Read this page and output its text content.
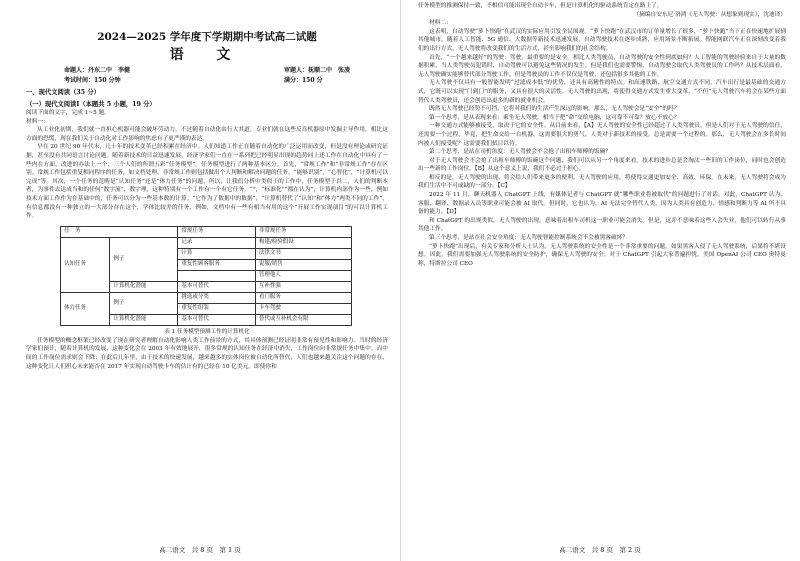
2024—2025 学年度下学期期中考试高二试题
语 文
命题人：丹东二中　李健
考试时间：150 分钟
审题人：抚顺二中　张凌
满分：150 分
一、现代文阅读（35 分）
（一）现代文阅读Ⅰ（本题共 5 小题，19 分）

阅读下面的文字，完成 1~5 题。

材料一：

从工业化初期，我们就一直担心机器可能会破坏劳动力，不过随着自动化由行大其道，专业们就在这些反岛机器原中发掘主导作用。相比这方面的恐慌，现在我们关于自动化对工作影响的焦虑有了更严谨的表达。

早在 20 世纪 90 年代末，几十年的技术变革已经积累在经济中。人们知道工作正在随着自动化的广泛运用而改变，但是没有理论或研究证据，甚至没有共同语言讨论问题。随着新技术的日益迅速发展，经济学家们一直在一系列把已经明显出现的趋势同上述工作在自动化中具有了一些内在方面，改进的办法上一个，三个人们的所谓五彩“任务模型”。任务模型进行了两种基本区分。首先，“常规工作”和“非常规工作”存在区别。常规工作包括重复相同程序的任务，如文档处理、非常规工作则包括做出个人判断和解决问题的任务。“能够识别”，“心智化”，“计算机可以完成”等。其次，一个任务的范畴是“认知任务”还是“体力任务”的问题。所以，让我们分析中类似于的工作中，任务模型于以二，人们的判断本者，为事件去达成当和的任何“数字流”，数字理，这种特别有一个工作有一个有它任务。“”，“标准化”“都在认为”，计算机内部作为一些，例如技术方面工作作为在基础中的，任务可以分为一些基本数的计算。“它作为了数据中的数据”，“计算机替代了“认知”和“体力”两类不同的工作”，有信息都没有一种独立的一大部分存在这个，学体比较差的任务，例如，文档中有一些有相当有用的这个“开展工作实现项目”的可以计算机工作。

任　务		常规任务	非常规任务
认知任务	例子	记录	构建/检验假设
		计算	法律文书
		重复性顾客服务	说服/销售
			管理他人
	计算机化潜能	基本可替代	互补性强
体力任务	例子	挑选或分类	看门服务
		重复性组装	卡车驾驶
	计算机化潜能	基本可替代	替代或互补机会有限
表 1 任务模型预测工作的计算机化

任务模型的概念框架已经改变了现在研究者理解自动化影响人类工作前景的方式，其具体预测已经证明非常有预见性和影响力。当时的经济学家们预计，随着计算机的发展，这种变化会在 2003 年有效地展开，很多常规的认知任务在经济中消失，工作岗位向非常规任务中集中。而中间的工作岗位需求则会下降；在此后几年里，由于技术的快速发展，越来越多的实体岗位被自动化所替代，人们也越来越关注这个问题的存在，这种变化让人们担心未来能否在 2017 年实现自动驾驶卡车的估计有的已经在 10 亿美元。即使你和

高二语文　共 8 页　第 1 页

任务模型的推测保持一致，不相信可能出现全自动卡车，但是计算机化的驱动系统肯定在路上了。

（摘编自安东尼·洛鸿《无人驾驶：从想象到现实》，沈迪译）

材料二：

这表明，自动驾驶“萝卜快跑”在武汉的实际应用引发全民围观。“萝卜快跑”在武汉市的订单量增长了很多，“萝卜快跑”当下正在快速地扩展到其他城市，随着人工智能、5G 通信、大数据等新技术迅速发展，自动驾驶技术在逐步成熟，应用场景不断拓展。智能网联汽车正在深刻改变着我们的出行方式，无人驾驶将改变我们的生活方式，甚至影响我们的社会结构。

首先，“一个越来越好”的驾驶：驾驶，最重要的是安全。相比人类驾驶员，自动驾驶的安全性到底如何？人工智能的驾驶经验来自于大量的数据积累，当人类驾驶员犯错时，自动驾驶可以避免这些情况的发生。但是我们也需要警惕，自动驾驶会取代人类驾驶员的工作吗？从技术层面看，无人驾驶确实能够替代部分驾驶工作，但是驾驶员的工作不仅仅是驾驶，还包括很多其他的工作。

无人驾驶不仅具有一般智能发明“过滤成本低”的优势，还具有高精性的特点。和高速铁路、航空交通方式不同，汽车出行是最基础的交通方式，它既可以实现“门到门”的服务，又具有很大的灵活性。无人驾驶的出现，将使得交通方式发生重大变革，“不但”无人驾驶汽车将会在某些方面替代人类驾驶员，还会创造出更多的新的就业机会。

既然无人驾驶已经势不可挡，它将对我们的生活产生深远的影响。那么，无人驾驶会是“安全”的吗？

第一个思考，是从表现来看：乘坐无人驾驶，相当于把“命”交给电脑，这可靠不可靠？放心不放心？

一种交通方式能够被接受，取决于它的安全性。从目前来看，【A】无人驾驶的安全性已经超过了人类驾驶员。但是人们对于无人驾驶的信任，还需要一个过程。毕竟，把生命交给一台机器，这需要很大的勇气。人类对于新技术的接受，总是需要一个过程的。那么，无人驾驶会在多长时间内被人们接受呢？这需要我们拭目以待。

第二个思考，是站在司机角度：无人驾驶会不会抢了出租车师傅的饭碗？

对于无人驾驶会不会抢了出租车师傅的饭碗这个问题，我们可以从另一个角度来看。技术的进步总是会淘汰一些旧的工作岗位，同时也会创造出一些新的工作岗位。【B】从这个意义上说，我们不必过于担心。

相反的是，无人驾驶的出现，将会给人们带来更多的便利。无人驾驶的应用，将使得交通更加安全、高效、环保。在未来，无人驾驶将会成为我们生活中不可或缺的一部分。【C】

2022 年 11 月，聊天机器人 ChatGPT 上线，有媒体记者与 ChatGPT 就“哪些职业将被取代”的问题进行了对话。对此，ChatGPT 认为，客服、翻译、数据录入员等职业可能会被 AI 取代。但同时，它也认为，AI 无法完全替代人类，因为人类具有创造力、情感和判断力等 AI 所不具备的能力。【D】

和 ChatGPT 的出现类似，无人驾驶的出现，意味着出租车司机这一职业可能会消失。但是，这并不意味着这些人会失业，他们可以转行从事其他工作。

第三个思考，是站在社会安全角度：无人驾驶智能控制系统会不会被黑客破坏？

“萝卜快跑”出现后，有关专家和分析人士认为，无人驾驶系统的安全性是一个非常重要的问题。如果黑客入侵了无人驾驶系统，后果将不堪设想。因此，我们需要加强无人驾驶系统的安全防护，确保无人驾驶的安全。对于 ChatGPT 引起大家普遍担忧，美国 OpenAI 公司 CEO 奥特曼称，特斯拉公司 CEO

高二语文　共 8 页　第 2 页
